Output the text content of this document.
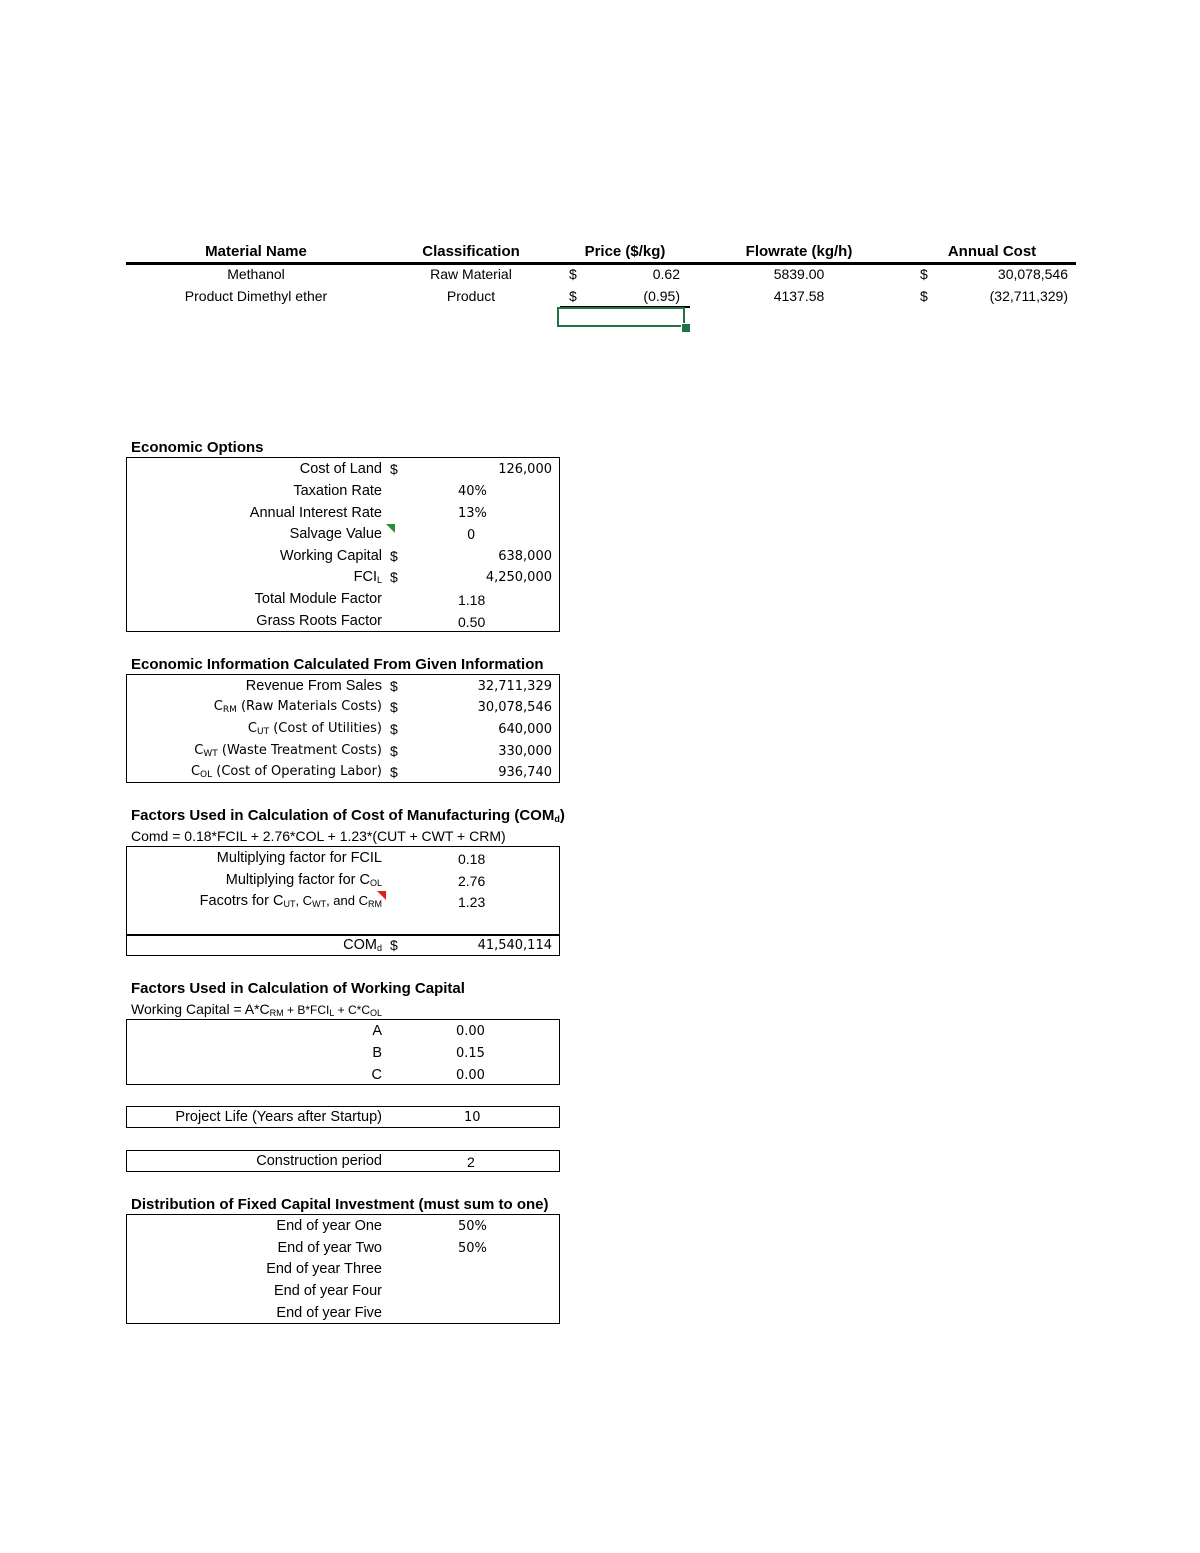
Material Name	Classification	Price ($/kg)	Flowrate (kg/h)	Annual Cost
Methanol	Raw Material	$	0.62	5839.00	$	30,078,546
Product Dimethyl ether	Product	$	(0.95)	4137.58	$	(32,711,329)
Economic Options
Cost of Land $	126,000
Taxation Rate	40%
Annual Interest Rate	13%
Salvage Value	0
Working Capital $	638,000
$FCI_L$ $	4,250,000
Total Module Factor	1.18
Grass Roots Factor	0.50
Economic Information Calculated From Given Information
Revenue From Sales $	32,711,329
$C_{RM}$ (Raw Materials Costs) $	30,078,546
$C_{UT}$ (Cost of Utilities) $	640,000
$C_{WT}$ (Waste Treatment Costs) $	330,000
$C_{OL}$ (Cost of Operating Labor) $	936,740
Factors Used in Calculation of Cost of Manufacturing $(COM_d)$
Comd = 0.18*FCIL + 2.76*COL + 1.23*(CUT + CWT + CRM)
Multiplying factor for FCIL	0.18
Multiplying factor for $C_{OL}$	2.76
Facotrs for $C_{UT}$, $C_{WT}$, and $C_{RM}$	1.23
$COM_d$ $	41,540,114
Factors Used in Calculation of Working Capital
Working Capital = $A*C_{RM} + B*FCI_L + C*C_{OL}$
A	0.00
B	0.15
C	0.00
Project Life (Years after Startup)	10
Construction period	2
Distribution of Fixed Capital Investment (must sum to one)
End of year One	50%
End of year Two	50%
End of year Three
End of year Four
End of year Five
